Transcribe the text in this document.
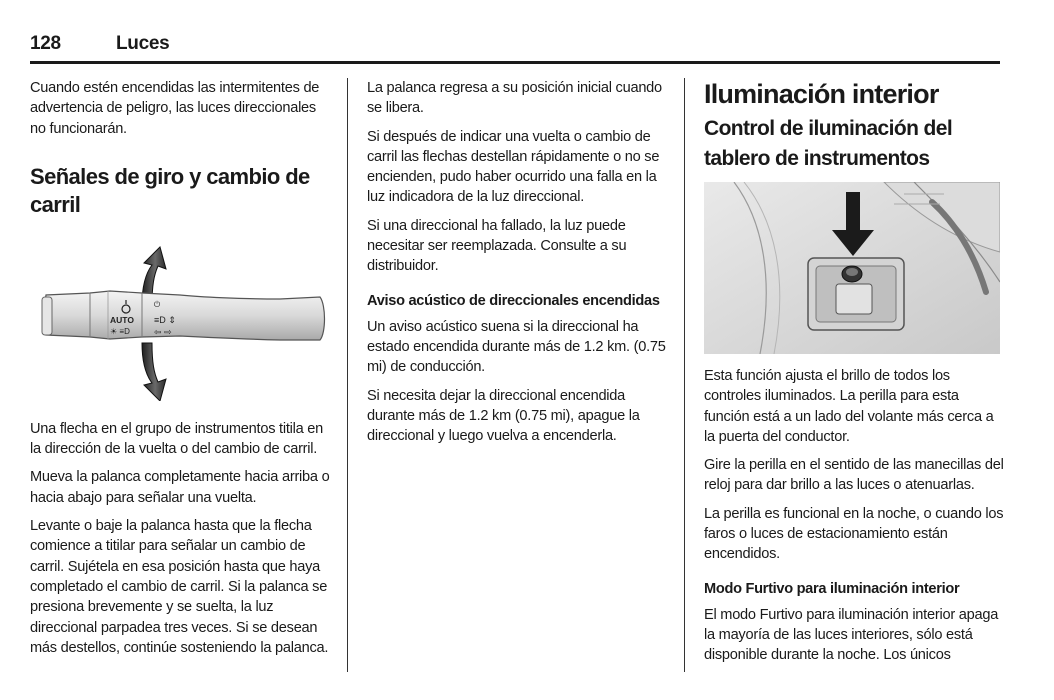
128	Luces

Cuando estén encendidas las intermitentes de advertencia de peligro, las luces direccionales no funcionarán.

Señales de giro y cambio de carril
⏻
AUTO
☀ ≡D
≡D ⇕
⇦ ⇨

Una flecha en el grupo de instrumentos titila en la dirección de la vuelta o del cambio de carril.

Mueva la palanca completamente hacia arriba o hacia abajo para señalar una vuelta.

Levante o baje la palanca hasta que la flecha comience a titilar para señalar un cambio de carril. Sujétela en esa posición hasta que haya completado el cambio de carril. Si la palanca se presiona brevemente y se suelta, la luz direccional parpadea tres veces. Si se desean más destellos, continúe sosteniendo la palanca.

La palanca regresa a su posición inicial cuando se libera.

Si después de indicar una vuelta o cambio de carril las flechas destellan rápidamente o no se encienden, pudo haber ocurrido una falla en la luz indicadora de la luz direccional.

Si una direccional ha fallado, la luz puede necesitar ser reemplazada. Consulte a su distribuidor.

Aviso acústico de direccionales encendidas

Un aviso acústico suena si la direccional ha estado encendida durante más de 1.2 km. (0.75 mi) de conducción.

Si necesita dejar la direccional encendida durante más de 1.2 km (0.75 mi), apague la direccional y luego vuelva a encenderla.

Iluminación interior
Control de iluminación del tablero de instrumentos

Esta función ajusta el brillo de todos los controles iluminados. La perilla para esta función está a un lado del volante más cerca a la puerta del conductor.

Gire la perilla en el sentido de las manecillas del reloj para dar brillo a las luces o atenuarlas.

La perilla es funcional en la noche, o cuando los faros o luces de estacionamiento están encendidos.

Modo Furtivo para iluminación interior

El modo Furtivo para iluminación interior apaga la mayoría de las luces interiores, sólo está disponible durante la noche. Los únicos
